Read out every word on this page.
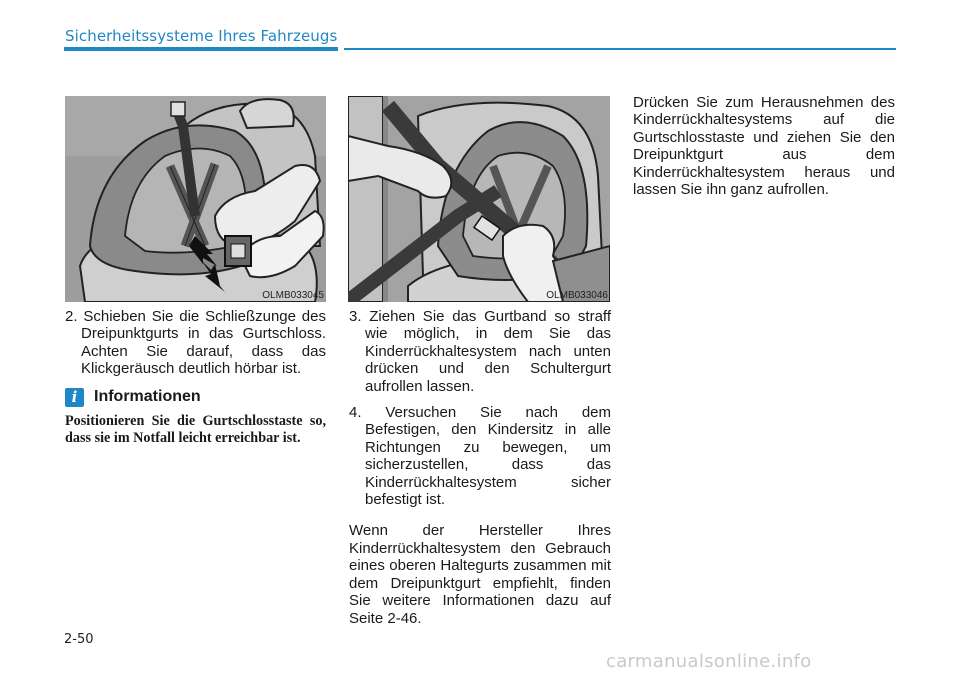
Sicherheitssysteme Ihres Fahrzeugs
OLMB033045	OLMB033046

2. Schieben Sie die Schließzunge des Dreipunktgurts in das Gurtschloss. Achten Sie darauf, dass das Klickgeräusch deutlich hörbar ist.

i	Informationen

Positionieren Sie die Gurtschlosstaste so, dass sie im Notfall leicht erreichbar ist.

3. Ziehen Sie das Gurtband so straff wie möglich, in dem Sie das Kinderrückhaltesystem nach unten drücken und den Schultergurt aufrollen lassen.

4. Versuchen Sie nach dem Befestigen, den Kindersitz in alle Richtungen zu bewegen, um sicherzustellen, dass das Kinderrückhaltesystem sicher befestigt ist.

Wenn der Hersteller Ihres Kinderrückhaltesystem den Gebrauch eines oberen Haltegurts zusammen mit dem Dreipunktgurt empfiehlt, finden Sie weitere Informationen dazu auf Seite 2-46.

Drücken Sie zum Herausnehmen des Kinderrückhaltesystems auf die Gurtschlosstaste und ziehen Sie den Dreipunktgurt aus dem Kinderrückhaltesystem heraus und lassen Sie ihn ganz aufrollen.

2-50
carmanualsonline.info
